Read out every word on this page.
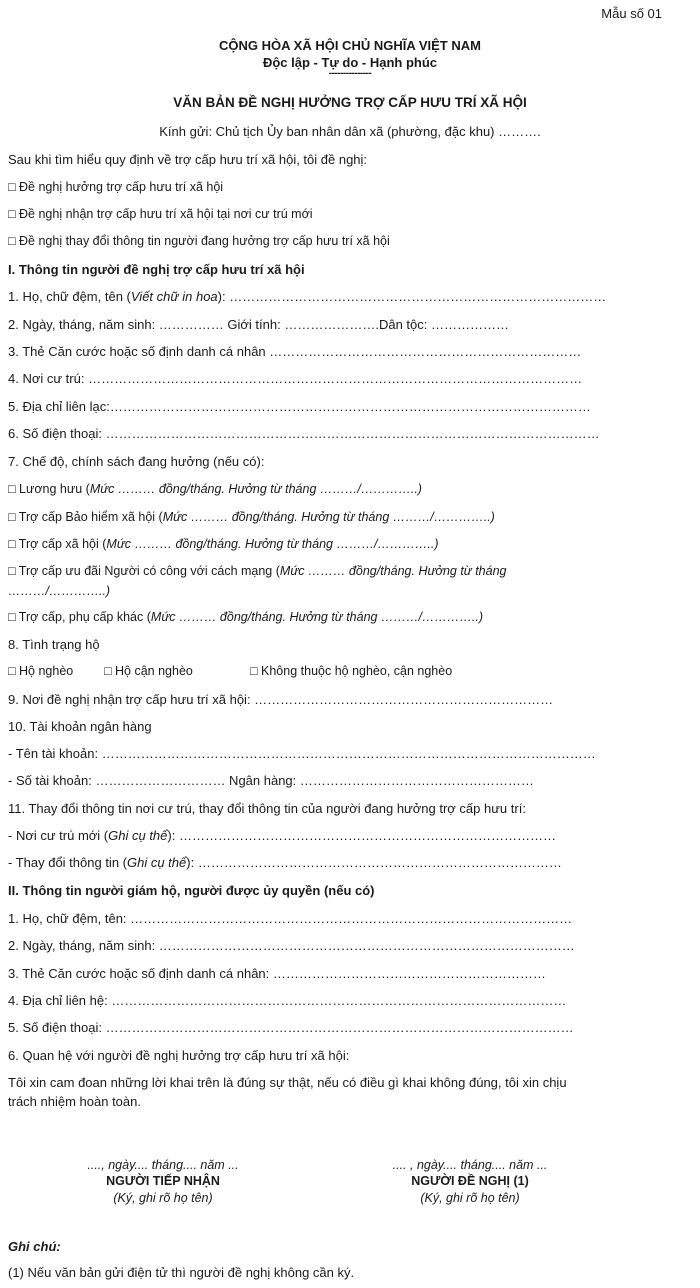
Mẫu số 01
CỘNG HÒA XÃ HỘI CHỦ NGHĨA VIỆT NAM
Độc lập - Tự do - Hạnh phúc
---------------
VĂN BẢN ĐỀ NGHỊ HƯỞNG TRỢ CẤP HƯU TRÍ XÃ HỘI
Kính gửi: Chủ tịch Ủy ban nhân dân xã (phường, đặc khu) ……….
Sau khi tìm hiểu quy định về trợ cấp hưu trí xã hội, tôi đề nghị:
□ Đề nghị hưởng trợ cấp hưu trí xã hội
□ Đề nghị nhận trợ cấp hưu trí xã hội tại nơi cư trú mới
□ Đề nghị thay đổi thông tin người đang hưởng trợ cấp hưu trí xã hội
I. Thông tin người đề nghị trợ cấp hưu trí xã hội
1. Họ, chữ đệm, tên (Viết chữ in hoa): ……………………………………………………………………………
2. Ngày, tháng, năm sinh: …………… Giới tính: ………………….Dân tộc: ………………
3. Thẻ Căn cước hoặc số định danh cá nhân ………………………………………………………………
4. Nơi cư trú: ……………………………………………………………………………………………………
5. Địa chỉ liên lạc:…………………………………………………………………………………………………
6. Số điện thoại: ……………………………………………………………………………………………………
7. Chế độ, chính sách đang hưởng (nếu có):
□ Lương hưu (Mức ……… đồng/tháng. Hưởng từ tháng ………/…………..)
□ Trợ cấp Bảo hiểm xã hội (Mức ……… đồng/tháng. Hưởng từ tháng ………/…………..)
□ Trợ cấp xã hội (Mức ……… đồng/tháng. Hưởng từ tháng ………/…………..)
□ Trợ cấp ưu đãi Người có công với cách mạng (Mức ……… đồng/tháng. Hưởng từ tháng
………/…………..)
□ Trợ cấp, phụ cấp khác (Mức ……… đồng/tháng. Hưởng từ tháng ………/…………..)
8. Tình trạng hộ
□ Hộ nghèo □ Hộ cận nghèo	□ Không thuộc hộ nghèo, cận nghèo
9. Nơi đề nghị nhận trợ cấp hưu trí xã hội: ……………………………………………………………
10. Tài khoản ngân hàng
- Tên tài khoản: ……………………………………………………………………………………………………
- Số tài khoản: ………………………… Ngân hàng: ………………………………………………
11. Thay đổi thông tin nơi cư trú, thay đổi thông tin của người đang hưởng trợ cấp hưu trí:
- Nơi cư trú mới (Ghi cụ thể): ……………………………………………………………………………
- Thay đổi thông tin (Ghi cụ thể): …………………………………………………………………………
II. Thông tin người giám hộ, người được ủy quyền (nếu có)
1. Họ, chữ đệm, tên: …………………………………………………………………………………………
2. Ngày, tháng, năm sinh: ……………………………………………………………………………………
3. Thẻ Căn cước hoặc số định danh cá nhân: ………………………………………………………
4. Địa chỉ liên hệ: ……………………………………………………………………………………………
5. Số điện thoại: ………………………………………………………………………………………………
6. Quan hệ với người đề nghị hưởng trợ cấp hưu trí xã hội:
Tôi xin cam đoan những lời khai trên là đúng sự thật, nếu có điều gì khai không đúng, tôi xin chịu
trách nhiệm hoàn toàn.
...., ngày.... tháng.... năm ...
NGƯỜI TIẾP NHẬN
(Ký, ghi rõ họ tên)
.... , ngày.... tháng.... năm ...
NGƯỜI ĐỀ NGHỊ (1)
(Ký, ghi rõ họ tên)
Ghi chú:
(1) Nếu văn bản gửi điện tử thì người đề nghị không cần ký.
